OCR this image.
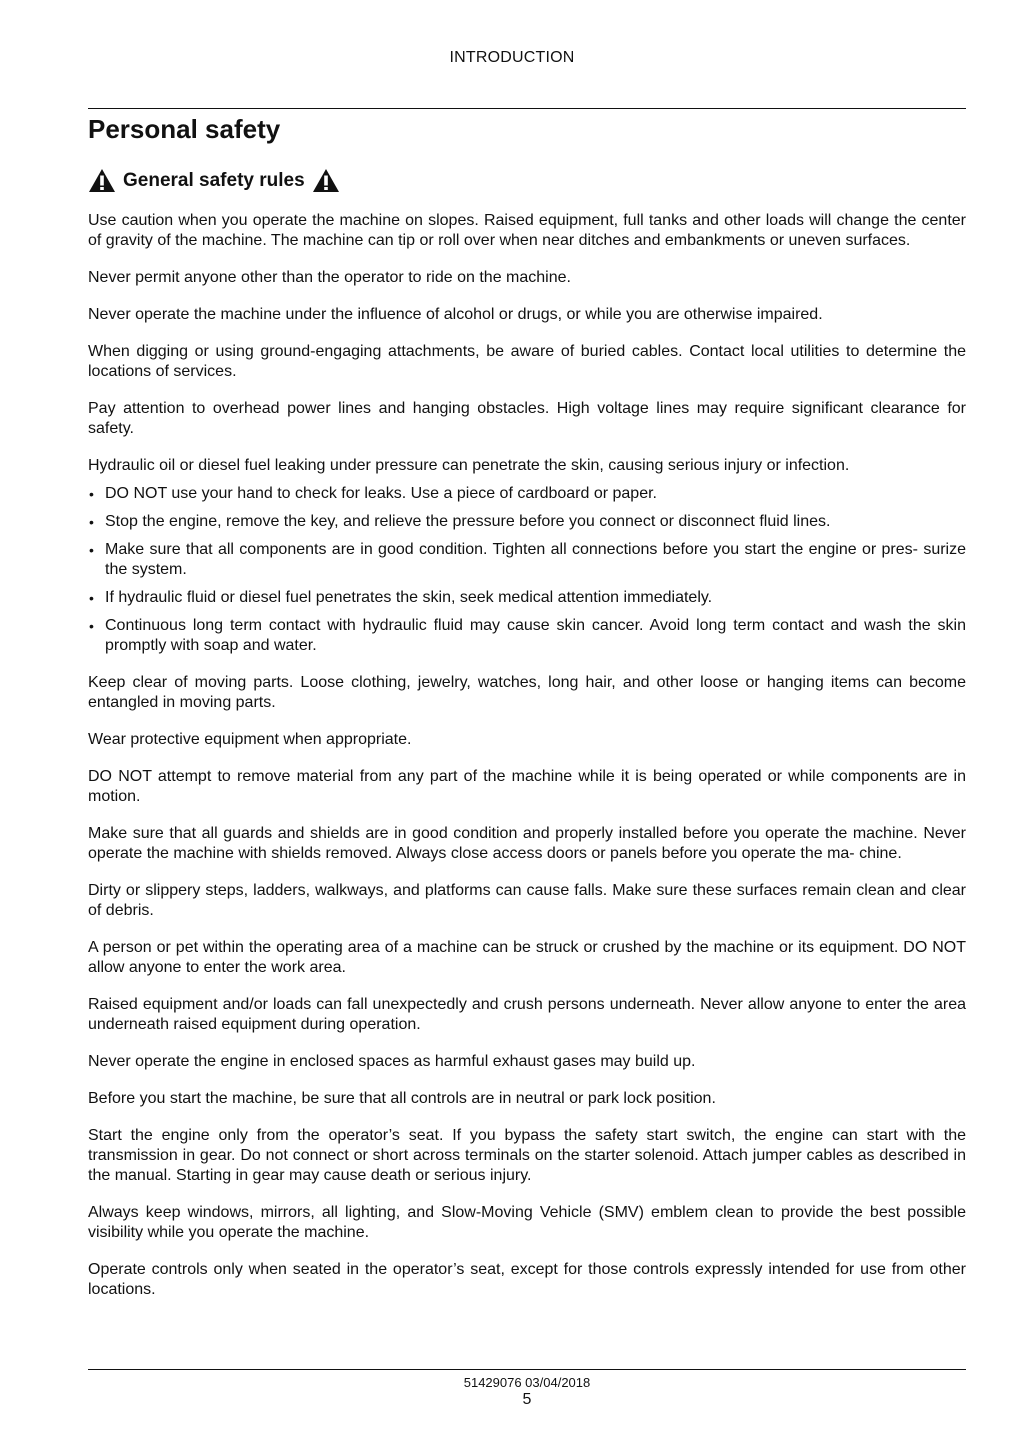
INTRODUCTION
Personal safety
General safety rules

Use caution when you operate the machine on slopes. Raised equipment, full tanks and other loads will change the center of gravity of the machine. The machine can tip or roll over when near ditches and embankments or uneven surfaces.

Never permit anyone other than the operator to ride on the machine.

Never operate the machine under the influence of alcohol or drugs, or while you are otherwise impaired.

When digging or using ground-engaging attachments, be aware of buried cables. Contact local utilities to determine the locations of services.

Pay attention to overhead power lines and hanging obstacles. High voltage lines may require significant clearance for safety.

Hydraulic oil or diesel fuel leaking under pressure can penetrate the skin, causing serious injury or infection.

• DO NOT use your hand to check for leaks. Use a piece of cardboard or paper.
• Stop the engine, remove the key, and relieve the pressure before you connect or disconnect fluid lines.
• Make sure that all components are in good condition. Tighten all connections before you start the engine or pres- surize the system.
• If hydraulic fluid or diesel fuel penetrates the skin, seek medical attention immediately.
• Continuous long term contact with hydraulic fluid may cause skin cancer. Avoid long term contact and wash the skin promptly with soap and water.

Keep clear of moving parts. Loose clothing, jewelry, watches, long hair, and other loose or hanging items can become entangled in moving parts.

Wear protective equipment when appropriate.

DO NOT attempt to remove material from any part of the machine while it is being operated or while components are in motion.

Make sure that all guards and shields are in good condition and properly installed before you operate the machine. Never operate the machine with shields removed. Always close access doors or panels before you operate the ma- chine.

Dirty or slippery steps, ladders, walkways, and platforms can cause falls. Make sure these surfaces remain clean and clear of debris.

A person or pet within the operating area of a machine can be struck or crushed by the machine or its equipment. DO NOT allow anyone to enter the work area.

Raised equipment and/or loads can fall unexpectedly and crush persons underneath. Never allow anyone to enter the area underneath raised equipment during operation.

Never operate the engine in enclosed spaces as harmful exhaust gases may build up.

Before you start the machine, be sure that all controls are in neutral or park lock position.

Start the engine only from the operator’s seat. If you bypass the safety start switch, the engine can start with the transmission in gear. Do not connect or short across terminals on the starter solenoid. Attach jumper cables as described in the manual. Starting in gear may cause death or serious injury.

Always keep windows, mirrors, all lighting, and Slow-Moving Vehicle (SMV) emblem clean to provide the best possible visibility while you operate the machine.

Operate controls only when seated in the operator’s seat, except for those controls expressly intended for use from other locations.

51429076 03/04/2018
5
